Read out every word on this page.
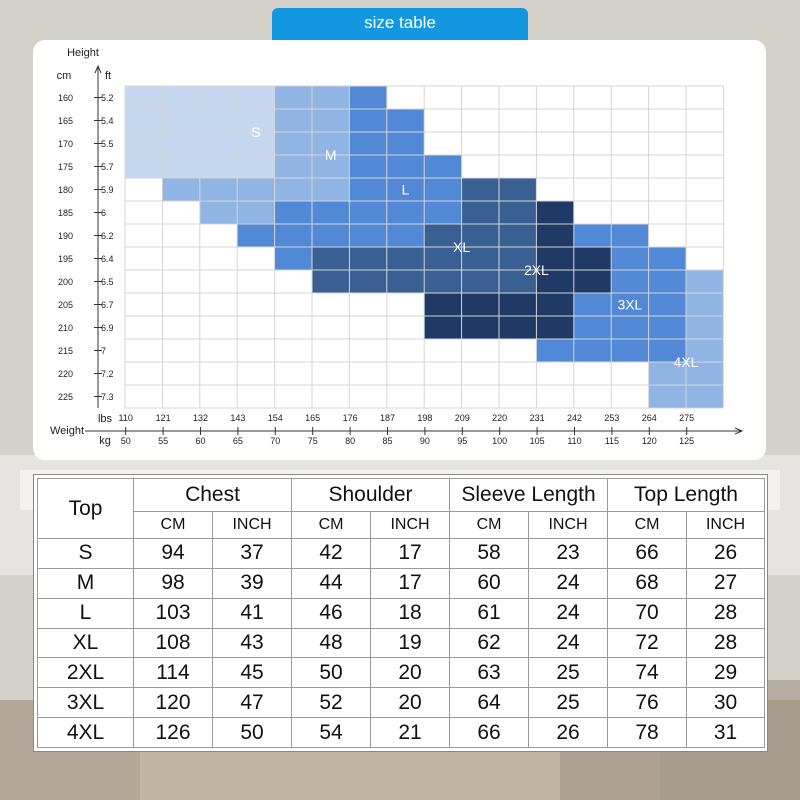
size table
S
M
L
XL
2XL
3XL
4XL
Height
cm	ft
160	5.2
165	5.4
170	5.5
175	5.7
180	5.9
185	6
190	6.2
195	6.4
200	6.5
205	6.7
210	6.9
215	7
220	7.2
225	7.3
Weight
lbs
kg
110
50
121
55
132
60
143
65
154
70
165
75
176
80
187
85
198
90
209
95
220
100
231
105
242
110
253
115
264
120
275
125
Top	Chest		Shoulder		Sleeve Length		Top Length	
	CM	INCH	CM	INCH	CM	INCH	CM	INCH
S	94	37	42	17	58	23	66	26
M	98	39	44	17	60	24	68	27
L	103	41	46	18	61	24	70	28
XL	108	43	48	19	62	24	72	28
2XL	114	45	50	20	63	25	74	29
3XL	120	47	52	20	64	25	76	30
4XL	126	50	54	21	66	26	78	31
